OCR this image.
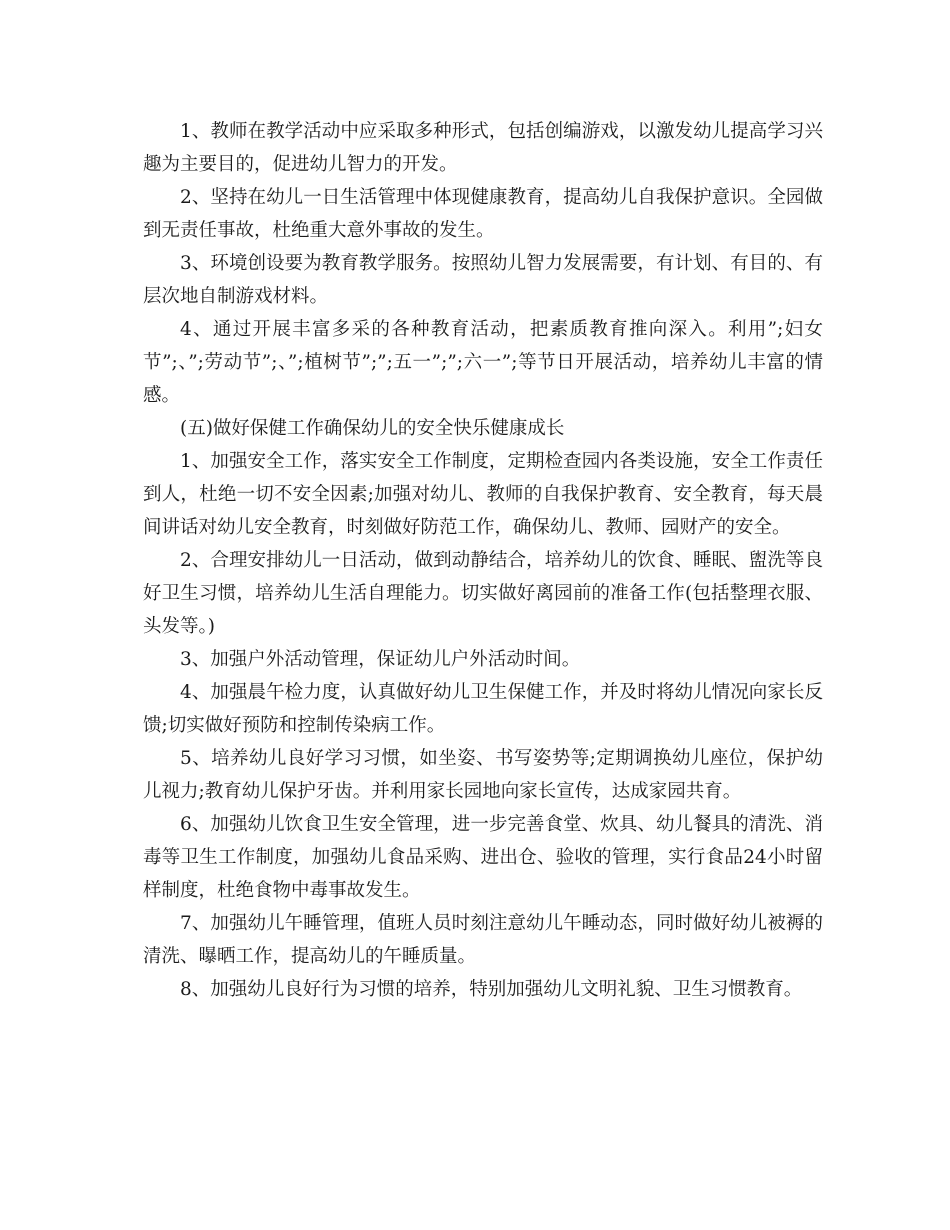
1、教师在教学活动中应采取多种形式，包括创编游戏，以激发幼儿提高学习兴趣为主要目的，促进幼儿智力的开发。

2、坚持在幼儿一日生活管理中体现健康教育，提高幼儿自我保护意识。全园做到无责任事故，杜绝重大意外事故的发生。

3、环境创设要为教育教学服务。按照幼儿智力发展需要，有计划、有目的、有层次地自制游戏材料。

4、通过开展丰富多采的各种教育活动，把素质教育推向深入。利用”;妇女节”;、”;劳动节”;、”;植树节”;”;五一”;”;六一”;等节日开展活动，培养幼儿丰富的情感。

(五)做好保健工作确保幼儿的安全快乐健康成长

1、加强安全工作，落实安全工作制度，定期检查园内各类设施，安全工作责任到人，杜绝一切不安全因素;加强对幼儿、教师的自我保护教育、安全教育，每天晨间讲话对幼儿安全教育，时刻做好防范工作，确保幼儿、教师、园财产的安全。

2、合理安排幼儿一日活动，做到动静结合，培养幼儿的饮食、睡眠、盥洗等良好卫生习惯，培养幼儿生活自理能力。切实做好离园前的准备工作(包括整理衣服、头发等。)

3、加强户外活动管理，保证幼儿户外活动时间。

4、加强晨午检力度，认真做好幼儿卫生保健工作，并及时将幼儿情况向家长反馈;切实做好预防和控制传染病工作。

5、培养幼儿良好学习习惯，如坐姿、书写姿势等;定期调换幼儿座位，保护幼儿视力;教育幼儿保护牙齿。并利用家长园地向家长宣传，达成家园共育。

6、加强幼儿饮食卫生安全管理，进一步完善食堂、炊具、幼儿餐具的清洗、消毒等卫生工作制度，加强幼儿食品采购、进出仓、验收的管理，实行食品24小时留样制度，杜绝食物中毒事故发生。

7、加强幼儿午睡管理，值班人员时刻注意幼儿午睡动态，同时做好幼儿被褥的清洗、曝晒工作，提高幼儿的午睡质量。

8、加强幼儿良好行为习惯的培养，特别加强幼儿文明礼貌、卫生习惯教育。
